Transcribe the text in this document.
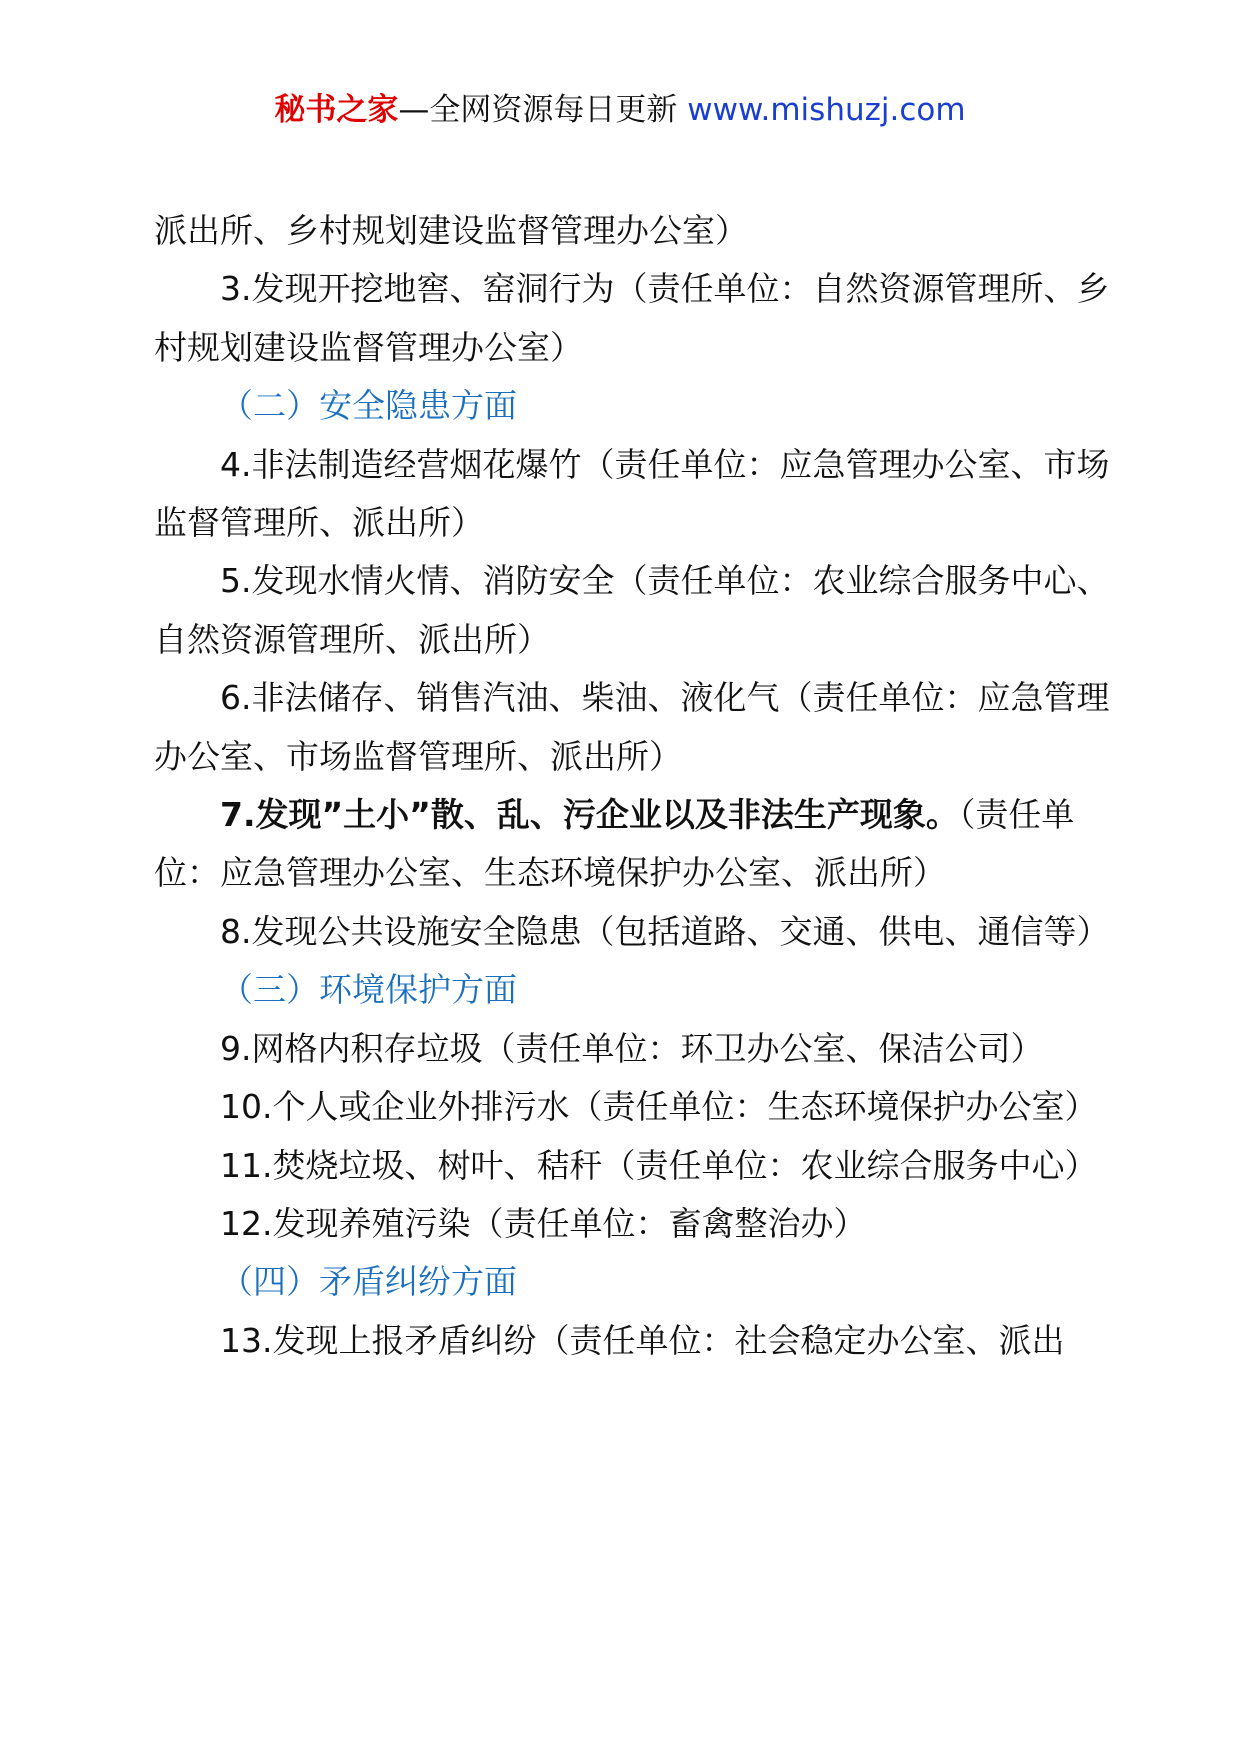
秘书之家—全网资源每日更新 www.mishuzj.com

派出所、乡村规划建设监督管理办公室）

3.发现开挖地窖、窑洞行为（责任单位：自然资源管理所、乡村规划建设监督管理办公室）

（二）安全隐患方面

4.非法制造经营烟花爆竹（责任单位：应急管理办公室、市场监督管理所、派出所）

5.发现水情火情、消防安全（责任单位：农业综合服务中心、自然资源管理所、派出所）

6.非法储存、销售汽油、柴油、液化气（责任单位：应急管理办公室、市场监督管理所、派出所）

7.发现”土小”散、乱、污企业以及非法生产现象。（责任单位：应急管理办公室、生态环境保护办公室、派出所）

8.发现公共设施安全隐患（包括道路、交通、供电、通信等）

（三）环境保护方面

9.网格内积存垃圾（责任单位：环卫办公室、保洁公司）

10.个人或企业外排污水（责任单位：生态环境保护办公室）

11.焚烧垃圾、树叶、秸秆（责任单位：农业综合服务中心）

12.发现养殖污染（责任单位：畜禽整治办）

（四）矛盾纠纷方面

13.发现上报矛盾纠纷（责任单位：社会稳定办公室、派出
